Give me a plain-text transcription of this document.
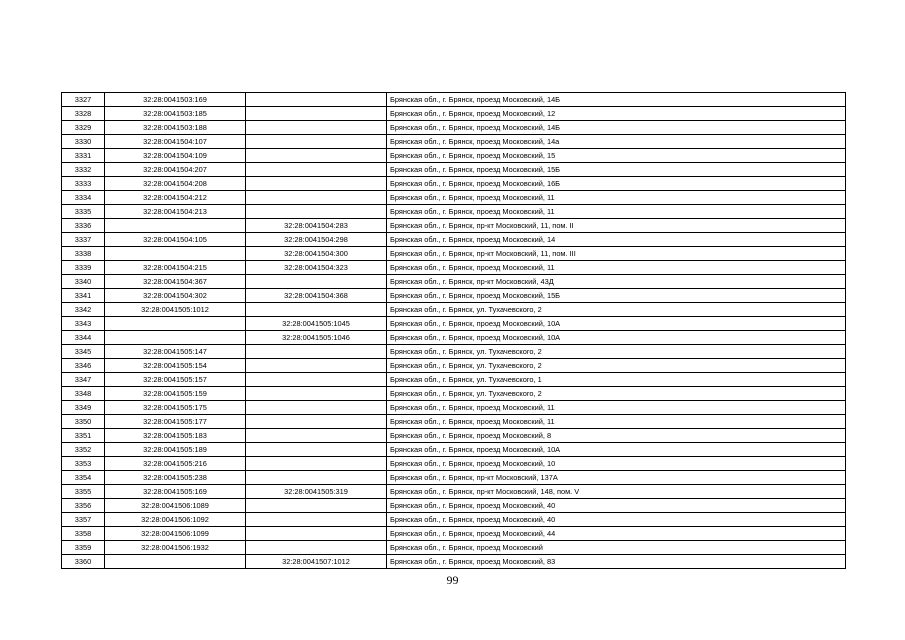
3327	32:28:0041503:169		Брянская обл., г. Брянск, проезд Московский, 14Б
3328	32:28:0041503:185		Брянская обл., г. Брянск, проезд Московский, 12
3329	32:28:0041503:188		Брянская обл., г. Брянск, проезд Московский, 14Б
3330	32:28:0041504:107		Брянская обл., г. Брянск, проезд Московский, 14а
3331	32:28:0041504:109		Брянская обл., г. Брянск, проезд Московский, 15
3332	32:28:0041504:207		Брянская обл., г. Брянск, проезд Московский, 15Б
3333	32:28:0041504:208		Брянская обл., г. Брянск, проезд Московский, 16Б
3334	32:28:0041504:212		Брянская обл., г. Брянск, проезд Московский, 11
3335	32:28:0041504:213		Брянская обл., г. Брянск, проезд Московский, 11
3336		32:28:0041504:283	Брянская обл., г. Брянск, пр-кт Московский, 11, пом. II
3337	32:28:0041504:105	32:28:0041504:298	Брянская обл., г. Брянск, проезд Московский, 14
3338		32:28:0041504:300	Брянская обл., г. Брянск, пр-кт Московский, 11, пом. III
3339	32:28:0041504:215	32:28:0041504:323	Брянская обл., г. Брянск, проезд Московский, 11
3340	32:28:0041504:367		Брянская обл., г. Брянск, пр-кт Московский, 43Д
3341	32:28:0041504:302	32:28:0041504:368	Брянская обл., г. Брянск, проезд Московский, 15Б
3342	32:28:0041505:1012		Брянская обл., г. Брянск, ул. Тухачевского, 2
3343		32:28:0041505:1045	Брянская обл., г. Брянск, проезд Московский, 10А
3344		32:28:0041505:1046	Брянская обл., г. Брянск, проезд Московский, 10А
3345	32:28:0041505:147		Брянская обл., г. Брянск, ул. Тухачевского, 2
3346	32:28:0041505:154		Брянская обл., г. Брянск, ул. Тухачевского, 2
3347	32:28:0041505:157		Брянская обл., г. Брянск, ул. Тухачевского, 1
3348	32:28:0041505:159		Брянская обл., г. Брянск, ул. Тухачевского, 2
3349	32:28:0041505:175		Брянская обл., г. Брянск, проезд Московский, 11
3350	32:28:0041505:177		Брянская обл., г. Брянск, проезд Московский, 11
3351	32:28:0041505:183		Брянская обл., г. Брянск, проезд Московский, 8
3352	32:28:0041505:189		Брянская обл., г. Брянск, проезд Московский, 10А
3353	32:28:0041505:216		Брянская обл., г. Брянск, проезд Московский, 10
3354	32:28:0041505:238		Брянская обл., г. Брянск, пр-кт Московский, 137А
3355	32:28:0041505:169	32:28:0041505:319	Брянская обл., г. Брянск, пр-кт Московский, 148, пом. V
3356	32:28:0041506:1089		Брянская обл., г. Брянск, проезд Московский, 40
3357	32:28:0041506:1092		Брянская обл., г. Брянск, проезд Московский, 40
3358	32:28:0041506:1099		Брянская обл., г. Брянск, проезд Московский, 44
3359	32:28:0041506:1932		Брянская обл., г. Брянск, проезд Московский
3360		32:28:0041507:1012	Брянская обл., г. Брянск, проезд Московский, 83
99
